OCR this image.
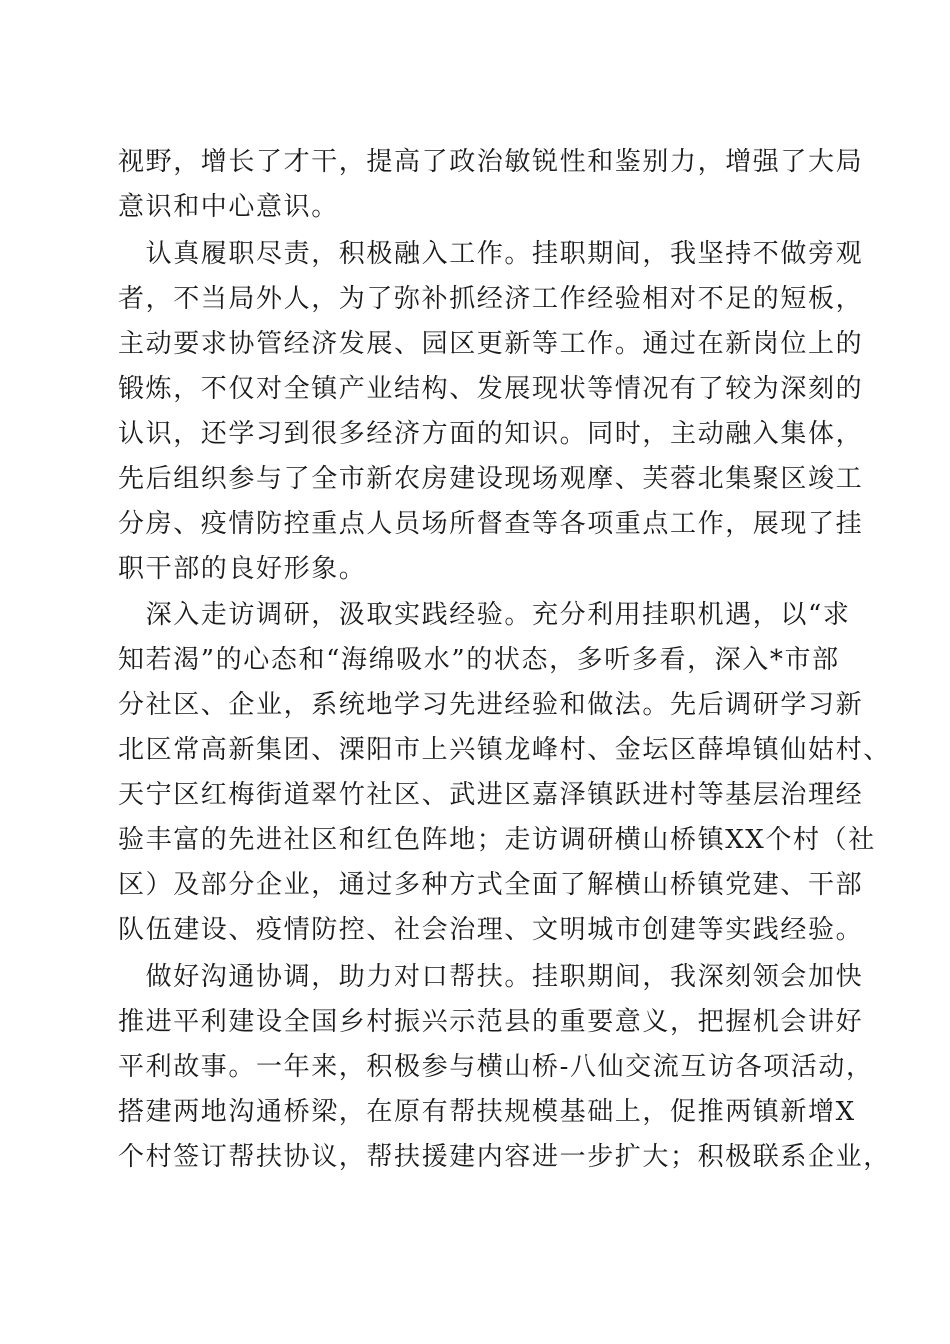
视野，增长了才干，提高了政治敏锐性和鉴别力，增强了大局
意识和中心意识。
　认真履职尽责，积极融入工作。挂职期间，我坚持不做旁观
者，不当局外人，为了弥补抓经济工作经验相对不足的短板，
主动要求协管经济发展、园区更新等工作。通过在新岗位上的
锻炼，不仅对全镇产业结构、发展现状等情况有了较为深刻的
认识，还学习到很多经济方面的知识。同时，主动融入集体，
先后组织参与了全市新农房建设现场观摩、芙蓉北集聚区竣工
分房、疫情防控重点人员场所督查等各项重点工作，展现了挂
职干部的良好形象。
　深入走访调研，汲取实践经验。充分利用挂职机遇，以“求
知若渴”的心态和“海绵吸水”的状态，多听多看，深入*市部
分社区、企业，系统地学习先进经验和做法。先后调研学习新
北区常高新集团、溧阳市上兴镇龙峰村、金坛区薛埠镇仙姑村、
天宁区红梅街道翠竹社区、武进区嘉泽镇跃进村等基层治理经
验丰富的先进社区和红色阵地；走访调研横山桥镇XX个村（社
区）及部分企业，通过多种方式全面了解横山桥镇党建、干部
队伍建设、疫情防控、社会治理、文明城市创建等实践经验。
　做好沟通协调，助力对口帮扶。挂职期间，我深刻领会加快
推进平利建设全国乡村振兴示范县的重要意义，把握机会讲好
平利故事。一年来，积极参与横山桥-八仙交流互访各项活动，
搭建两地沟通桥梁，在原有帮扶规模基础上，促推两镇新增X
个村签订帮扶协议，帮扶援建内容进一步扩大；积极联系企业，
